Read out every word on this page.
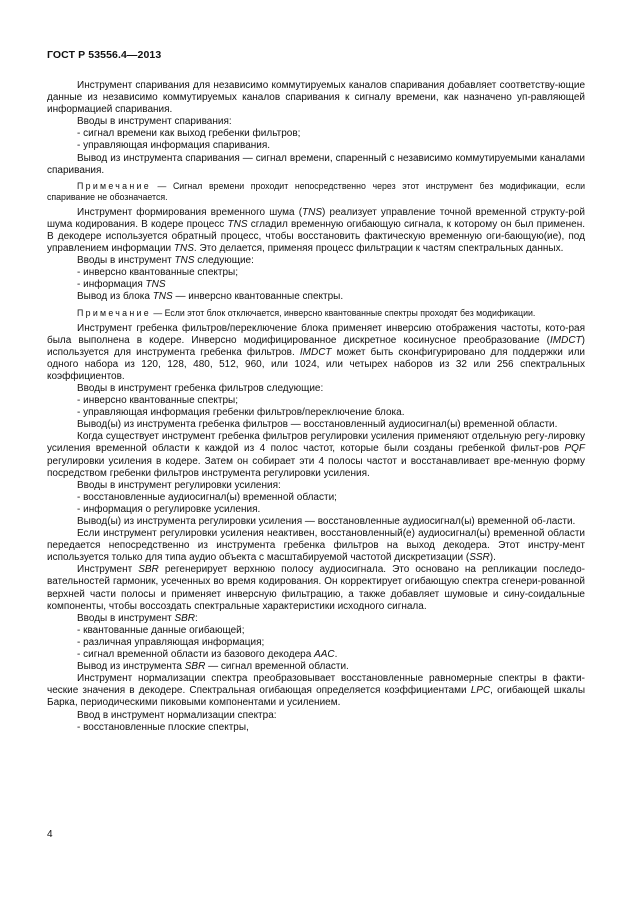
ГОСТ Р 53556.4—2013

Инструмент спаривания для независимо коммутируемых каналов спаривания добавляет соответству-ющие данные из независимо коммутируемых каналов спаривания к сигналу времени, как назначено уп-равляющей информацией спаривания.

Вводы в инструмент спаривания:

- сигнал времени как выход гребенки фильтров;

- управляющая информация спаривания.

Вывод из инструмента спаривания — сигнал времени, спаренный с независимо коммутируемыми каналами спаривания.

Примечание — Сигнал времени проходит непосредственно через этот инструмент без модификации, если спаривание не обозначается.

Инструмент формирования временного шума (TNS) реализует управление точной временной структу-рой шума кодирования. В кодере процесс TNS сгладил временную огибающую сигнала, к которому он был применен. В декодере используется обратный процесс, чтобы восстановить фактическую временную оги-бающую(ие), под управлением информации TNS. Это делается, применяя процесс фильтрации к частям спектральных данных.

Вводы в инструмент TNS следующие:

- инверсно квантованные спектры;

- информация TNS

Вывод из блока TNS — инверсно квантованные спектры.

Примечание — Если этот блок отключается, инверсно квантованные спектры проходят без модификации.

Инструмент гребенка фильтров/переключение блока применяет инверсию отображения частоты, кото-рая была выполнена в кодере. Инверсно модифицированное дискретное косинусное преобразование (IMDCT) используется для инструмента гребенка фильтров. IMDCT может быть сконфигурировано для поддержки или одного набора из 120, 128, 480, 512, 960, или 1024, или четырех наборов из 32 или 256 спектральных коэффициентов.

Вводы в инструмент гребенка фильтров следующие:

- инверсно квантованные спектры;

- управляющая информация гребенки фильтров/переключение блока.

Вывод(ы) из инструмента гребенка фильтров — восстановленный аудиосигнал(ы) временной области.

Когда существует инструмент гребенка фильтров регулировки усиления применяют отдельную регу-лировку усиления временной области к каждой из 4 полос частот, которые были созданы гребенкой фильт-ров PQF регулировки усиления в кодере. Затем он собирает эти 4 полосы частот и восстанавливает вре-менную форму посредством гребенки фильтров инструмента регулировки усиления.

Вводы в инструмент регулировки усиления:

- восстановленные аудиосигнал(ы) временной области;

- информация о регулировке усиления.

Вывод(ы) из инструмента регулировки усиления — восстановленные аудиосигнал(ы) временной об-ласти.

Если инструмент регулировки усиления неактивен, восстановленный(е) аудиосигнал(ы) временной области передается непосредственно из инструмента гребенка фильтров на выход декодера. Этот инстру-мент используется только для типа аудио объекта с масштабируемой частотой дискретизации (SSR).

Инструмент SBR регенерирует верхнюю полосу аудиосигнала. Это основано на репликации последо-вательностей гармоник, усеченных во время кодирования. Он корректирует огибающую спектра сгенери-рованной верхней части полосы и применяет инверсную фильтрацию, а также добавляет шумовые и сину-соидальные компоненты, чтобы воссоздать спектральные характеристики исходного сигнала.

Вводы в инструмент SBR:

- квантованные данные огибающей;

- различная управляющая информация;

- сигнал временной области из базового декодера AAC.

Вывод из инструмента SBR — сигнал временной области.

Инструмент нормализации спектра преобразовывает восстановленные равномерные спектры в факти-ческие значения в декодере. Спектральная огибающая определяется коэффициентами LPC, огибающей шкалы Барка, периодическими пиковыми компонентами и усилением.

Ввод в инструмент нормализации спектра:

- восстановленные плоские спектры,

4
